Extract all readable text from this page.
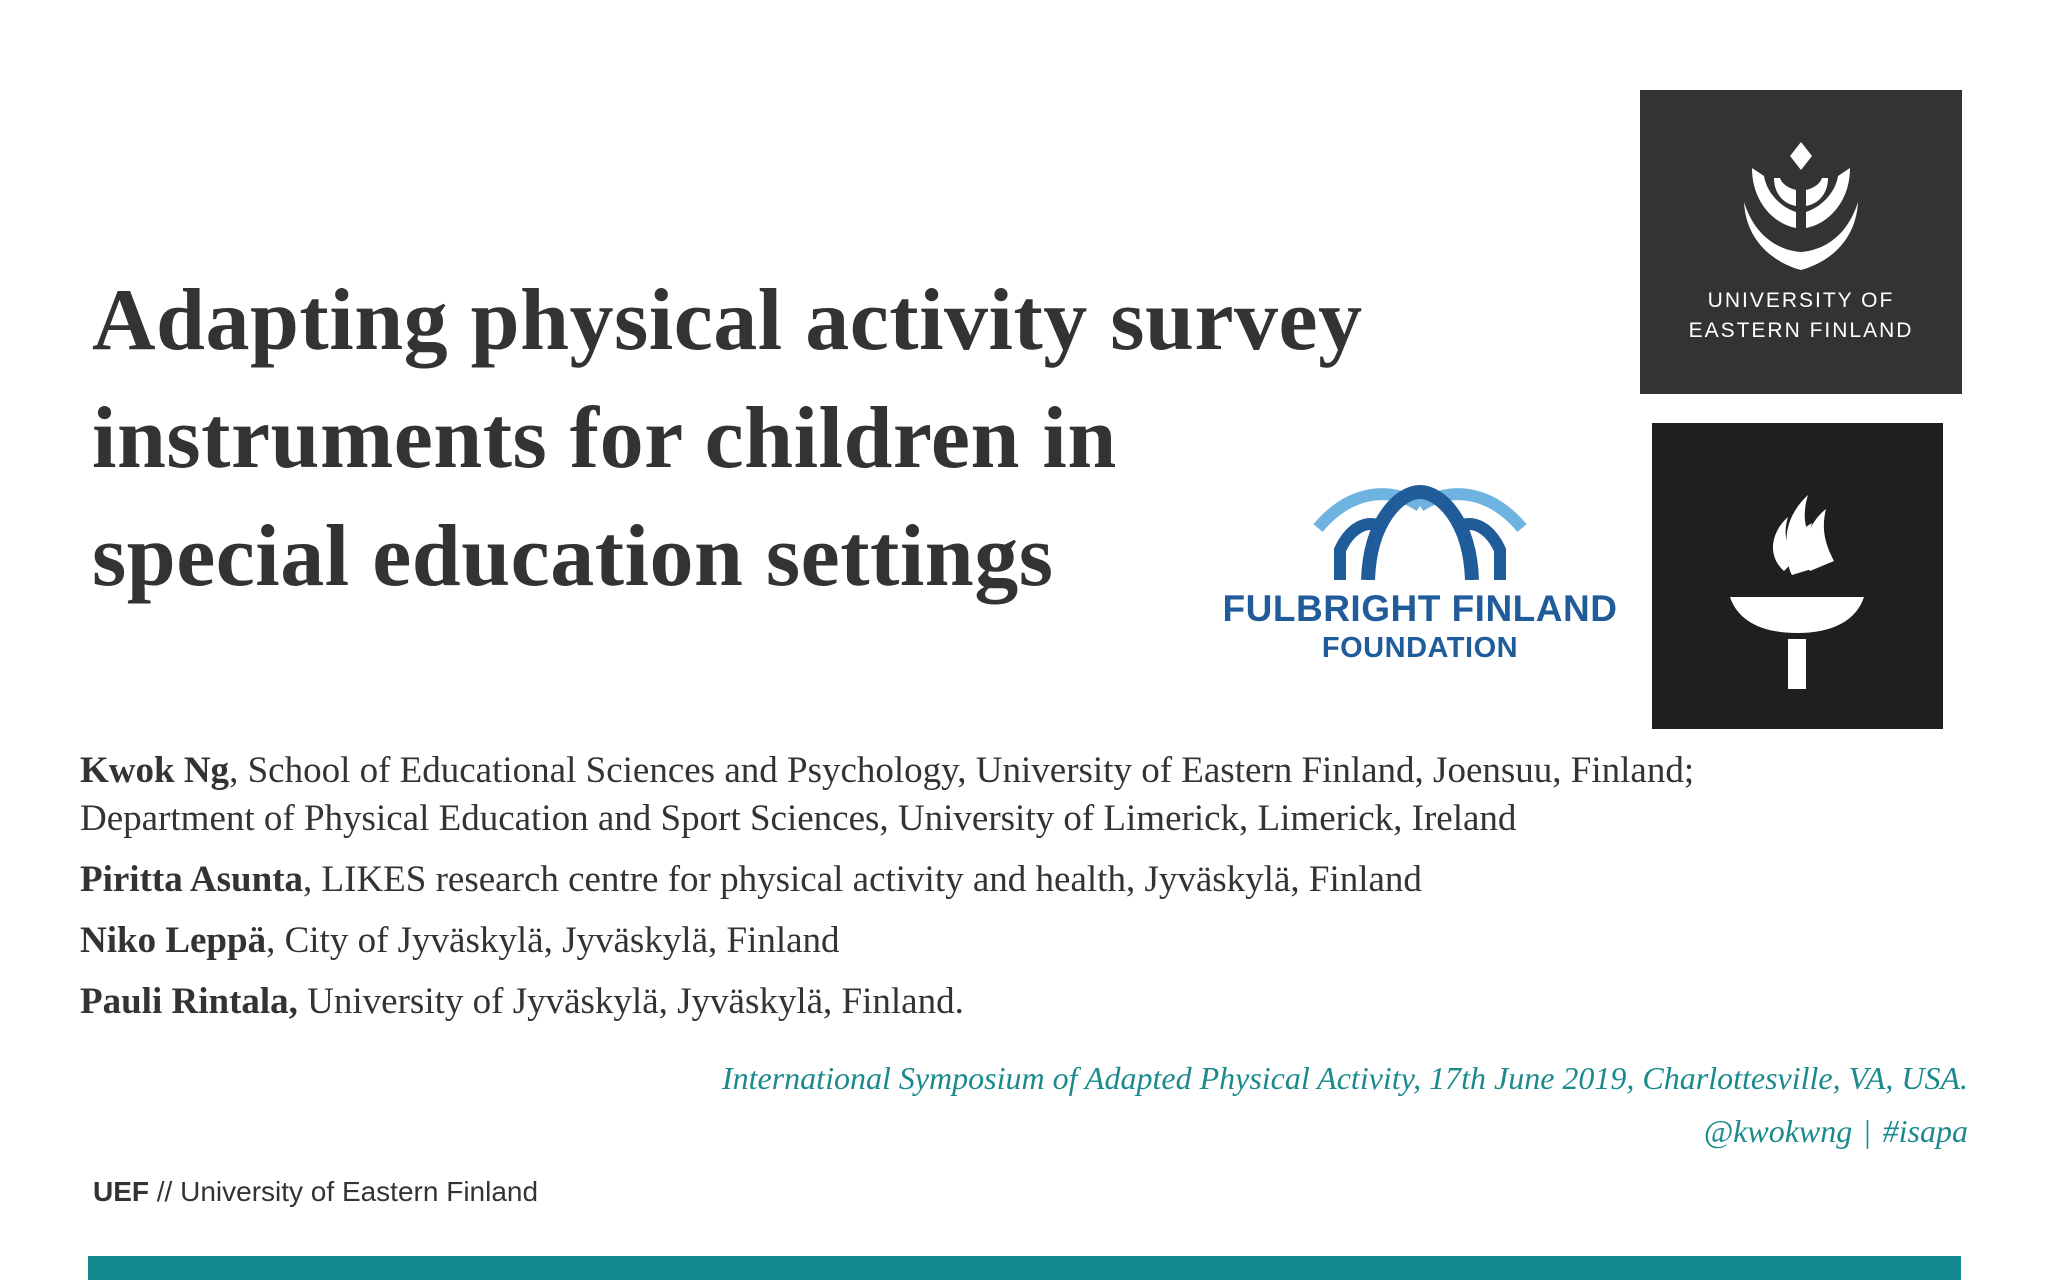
Adapting physical activity survey
instruments for children in
special education settings
UNIVERSITY OF
EASTERN FINLAND
FULBRIGHT FINLAND
FOUNDATION
Kwok Ng, School of Educational Sciences and Psychology, University of Eastern Finland, Joensuu, Finland;
Department of Physical Education and Sport Sciences, University of Limerick, Limerick, Ireland
Piritta Asunta, LIKES research centre for physical activity and health, Jyväskylä, Finland
Niko Leppä, City of Jyväskylä, Jyväskylä, Finland
Pauli Rintala, University of Jyväskylä, Jyväskylä, Finland.
International Symposium of Adapted Physical Activity, 17th June 2019, Charlottesville, VA, USA.
@kwokwng | #isapa
UEF // University of Eastern Finland
